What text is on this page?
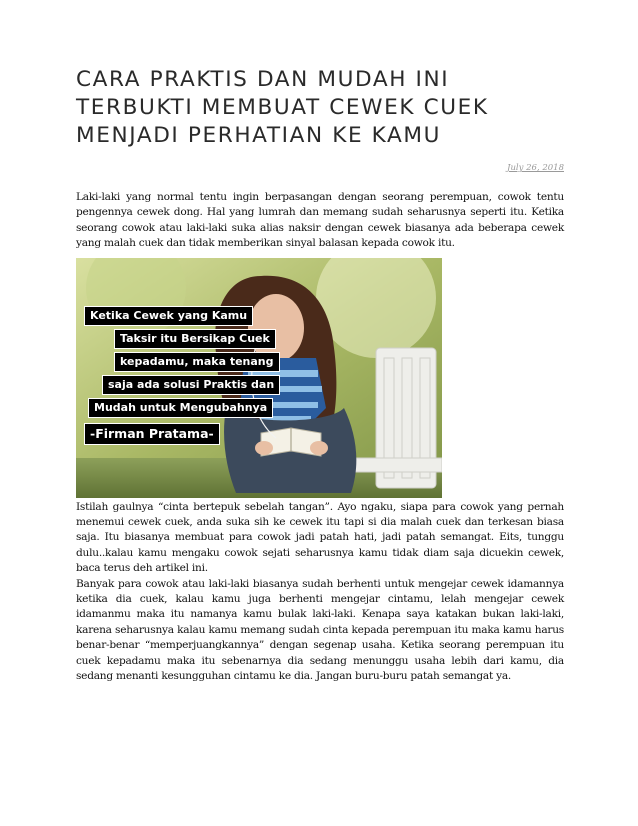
CARA PRAKTIS DAN MUDAH INI
TERBUKTI MEMBUAT CEWEK CUEK
MENJADI PERHATIAN KE KAMU
July 26, 2018

Laki-laki yang normal tentu ingin berpasangan dengan seorang perempuan, cowok tentu pengennya cewek dong. Hal yang lumrah dan memang sudah seharusnya seperti itu. Ketika seorang cowok atau laki-laki suka alias naksir dengan cewek biasanya ada beberapa cewek yang malah cuek dan tidak memberikan sinyal balasan kepada cowok itu.

Ketika Cewek yang Kamu
Taksir itu Bersikap Cuek
kepadamu, maka tenang
saja ada solusi Praktis dan
Mudah untuk Mengubahnya
-Firman Pratama-

Istilah gaulnya “cinta bertepuk sebelah tangan”. Ayo ngaku, siapa para cowok yang pernah menemui cewek cuek, anda suka sih ke cewek itu tapi si dia malah cuek dan terkesan biasa saja. Itu biasanya membuat para cowok jadi patah hati, jadi patah semangat. Eits, tunggu dulu..kalau kamu mengaku cowok sejati seharusnya kamu tidak diam saja dicuekin cewek, baca terus deh artikel ini.

Banyak para cowok atau laki-laki biasanya sudah berhenti untuk mengejar cewek idamannya ketika dia cuek, kalau kamu juga berhenti mengejar cintamu, lelah mengejar cewek idamanmu maka itu namanya kamu bulak laki-laki. Kenapa saya katakan bukan laki-laki, karena seharusnya kalau kamu memang sudah cinta kepada perempuan itu maka kamu harus benar-benar “memperjuangkannya” dengan segenap usaha. Ketika seorang perempuan itu cuek kepadamu maka itu sebenarnya dia sedang menunggu usaha lebih dari kamu, dia sedang menanti kesungguhan cintamu ke dia. Jangan buru-buru patah semangat ya.
